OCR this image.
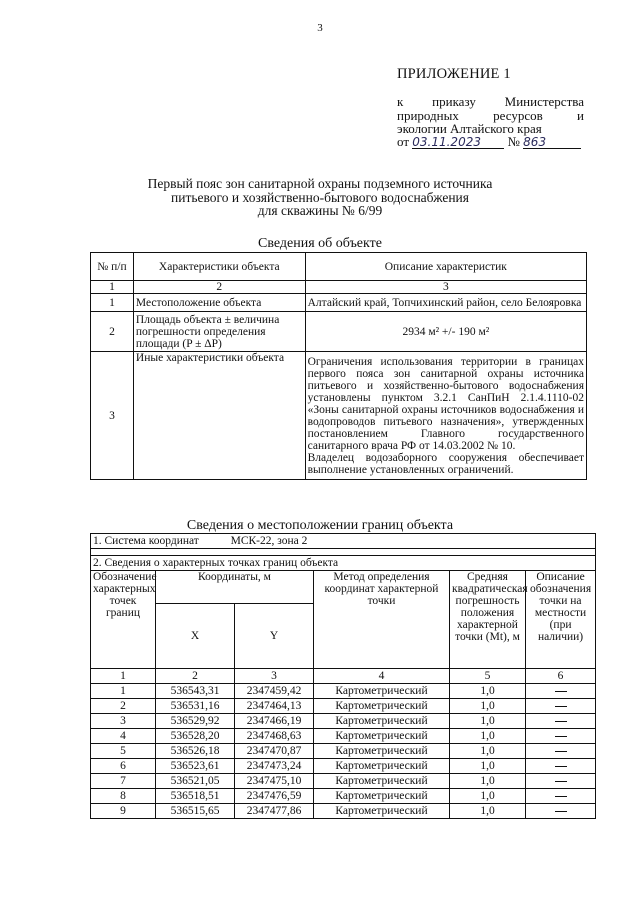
3
ПРИЛОЖЕНИЕ 1
к приказу Министерства
природных ресурсов и
экологии Алтайского края
от 03.11.2023 № 863
Первый пояс зон санитарной охраны подземного источника
питьевого и хозяйственно-бытового водоснабжения
для скважины № 6/99
Сведения об объекте
№ п/п	Характеристики объекта	Описание характеристик
1	2	3
1	Местоположение объекта	Алтайский край, Топчихинский район, село Белояровка

2	Площадь объекта ± величина погрешности определения площади (P ± ΔP)	2934 м² +/- 190 м²

3	Иные характеристики объекта	Ограничения использования территории в границах первого пояса зон санитарной охраны источника питьевого и хозяйственно-бытового водоснабжения установлены пунктом 3.2.1 СанПиН 2.1.4.1110-02 «Зоны санитарной охраны источников водоснабжения и водопроводов питьевого назначения», утвержденных постановлением Главного государственного санитарного врача РФ от 14.03.2002 № 10.

Владелец водозаборного сооружения обеспечивает выполнение установленных ограничений.

Сведения о местоположении границ объекта
1. Система координат МСК-22, зона 2					

2. Сведения о характерных точках границ объекта					
Обозначение характерных точек границ	Координаты, м		Метод определения координат характерной точки	Средняя квадратическая погрешность положения характерной точки (Mt), м	Описание обозначения точки на местности (при наличии)
	X	Y			
1	2	3	4	5	6
1	536543,31	2347459,42	Картометрический	1,0	
2	536531,16	2347464,13	Картометрический	1,0	
3	536529,92	2347466,19	Картометрический	1,0	
4	536528,20	2347468,63	Картометрический	1,0	
5	536526,18	2347470,87	Картометрический	1,0	
6	536523,61	2347473,24	Картометрический	1,0	
7	536521,05	2347475,10	Картометрический	1,0	
8	536518,51	2347476,59	Картометрический	1,0	
9	536515,65	2347477,86	Картометрический	1,0	
